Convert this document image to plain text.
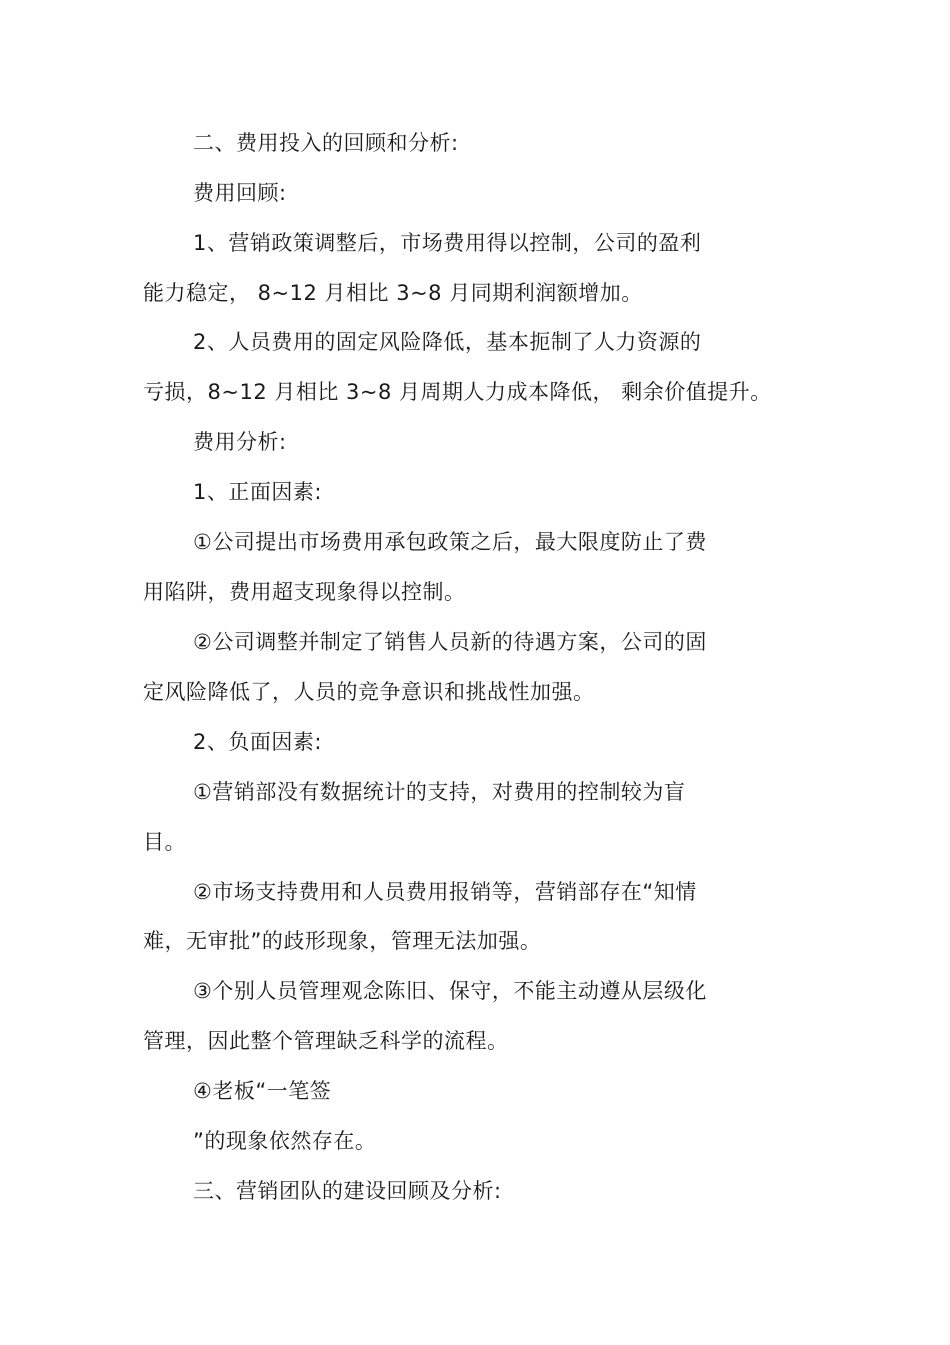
二、费用投入的回顾和分析:
费用回顾:
1、营销政策调整后，市场费用得以控制，公司的盈利
能力稳定， 8~12 月相比 3~8 月同期利润额增加。
2、人员费用的固定风险降低，基本扼制了人力资源的
亏损，8~12 月相比 3~8 月周期人力成本降低， 剩余价值提升。
费用分析:
1、正面因素:
①公司提出市场费用承包政策之后，最大限度防止了费
用陷阱，费用超支现象得以控制。
②公司调整并制定了销售人员新的待遇方案，公司的固
定风险降低了，人员的竞争意识和挑战性加强。
2、负面因素:
①营销部没有数据统计的支持，对费用的控制较为盲
目。
②市场支持费用和人员费用报销等，营销部存在“知情
难，无审批”的歧形现象，管理无法加强。
③个别人员管理观念陈旧、保守，不能主动遵从层级化
管理，因此整个管理缺乏科学的流程。
④老板“一笔签
”的现象依然存在。
三、营销团队的建设回顾及分析:
